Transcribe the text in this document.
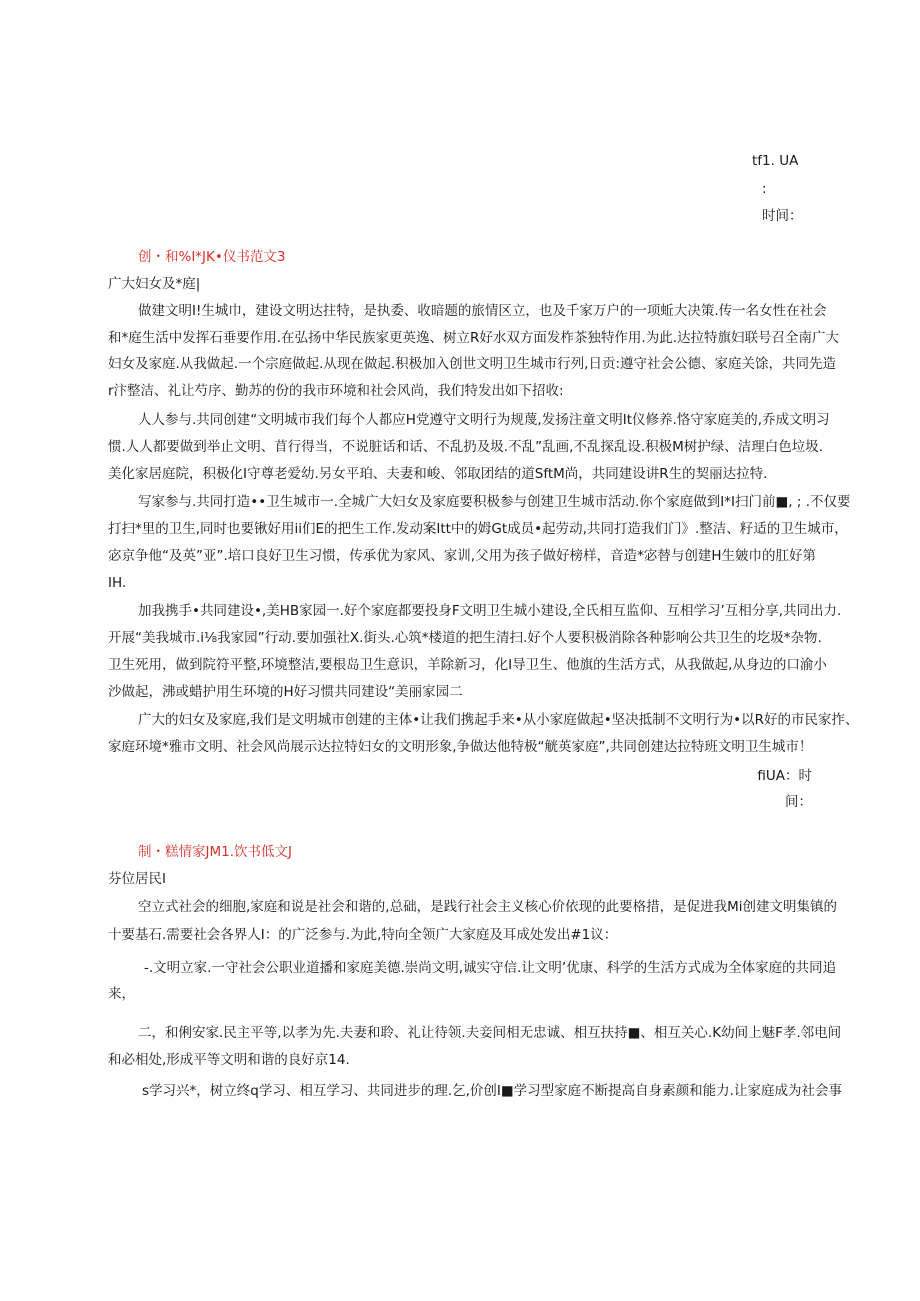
tf1. UA
:
时间：
创・和%I*JK•仪书范文3
广大妇女及*庭|
做建文明I!生城巾，建设文明达拄特，是执委、收暗题的旅情区立，也及千家万户的一项蚯大决策.传一名女性在社会
和*庭生活中发挥石垂要作用.在弘扬中华民族家更英逸、树立R好水双方面发柞茶独特作用.为此.达拉特旗妇联号召全南广大
妇女及家庭.从我做起.一个宗庭做起.从现在做起.积极加入创世文明卫生城市行列,日贡:遵守社会公德、家庭关馀，共同先造
r汴整洁、礼让芍序、勤苏的份的我市环境和社会风尚，我们特发出如下招收:
人人参与.共同创建“文明城市我们每个人都应H党遵守文明行为规蔑,发扬注童文明It仪修养.恪守家庭美的,乔成文明习
惯.人人都要做到举止文明、苜行得当，不说脏话和话、不乱扔及圾.不乱”乱画,不乱探乱设.积极M树护绿、洁理白色垃圾.
美化家居庭院，积极化I守尊老爱幼.另女平珀、夫妻和峻、邻取团结的道SftM尚，共同建设讲R生的契丽达拉特.
写家参与.共同打造••卫生城市一.全城广大妇女及家庭要积极参与创建卫生城市活动.你个家庭做到I*I扫门前■, ; .不仅要
打扫*里的卫生,同时也要锹好用ii们E的把生工作.发动案Itt中的姆Gt成员•起劳动,共同打造我们门》.整洁、籽适的卫生城市，
宓京争他“及英”亚”.培口良好卫生习惯，传承优为家风、家训,父用为孩子做好榜样，音造*宓替与创建H生皴巾的肛好第
IH.
加我携手•共同建设•,美HB家园一.好个家庭都要投身F文明卫生城小建设,全氏相互监仰、互相学习’互相分享,共同出力.
开展“美我城市.i⅛我家园”行动.要加强社X.街头.心筑*楼道的把生清扫.好个人要积极消除各种影响公共卫生的圪圾*杂物.
卫生死用，做到院符平整,环境整洁,要根岛卫生意识，羊除新习，化I导卫生、他旗的生活方式，从我做起,从身边的口渝小
沙做起，沸或蜡护用生环境的H好习惯共同建设“美丽家园二
广大的妇女及家庭,我们是文明城市创建的主体•让我们携起手来•从小家庭做起•坚决抵制不文明行为•以R好的市民家拃、
家庭环境*雅市文明、社会风尚展示达拉特妇女的文明形象,争做达他特极“觥英家庭”,共同创建达拉特班文明卫生城市！
fiUA：时
间：
制・糕情家JM1.饮书低文J
芬位居民I
空立式社会的细胞,家庭和说是社会和谐的,总础，是践行社会主义核心价依现的此要格措，是促进我Mi创建文明集镇的
十要基石.需要社会各界人I：的广泛参与.为此,特向全领广大家庭及耳成处发出#1议：
-.文明立家.一守社会公职业道播和家庭美德.崇尚文明,诚实守信.让文明’优康、科学的生活方式成为全体家庭的共同追
来，
二，和俐安家.民主平等,以孝为先.夫妻和聆、礼让待领.夫妾间相无忠诚、相互扶持■、相互关心.K幼间上魅F孝.邻电间
和必相处,形成平等文明和谐的良好京14.
s学习兴*，树立终q学习、相互学习、共同进步的理.乞,价创I■学习型家庭不断提高自身素颜和能力.让家庭成为社会事
